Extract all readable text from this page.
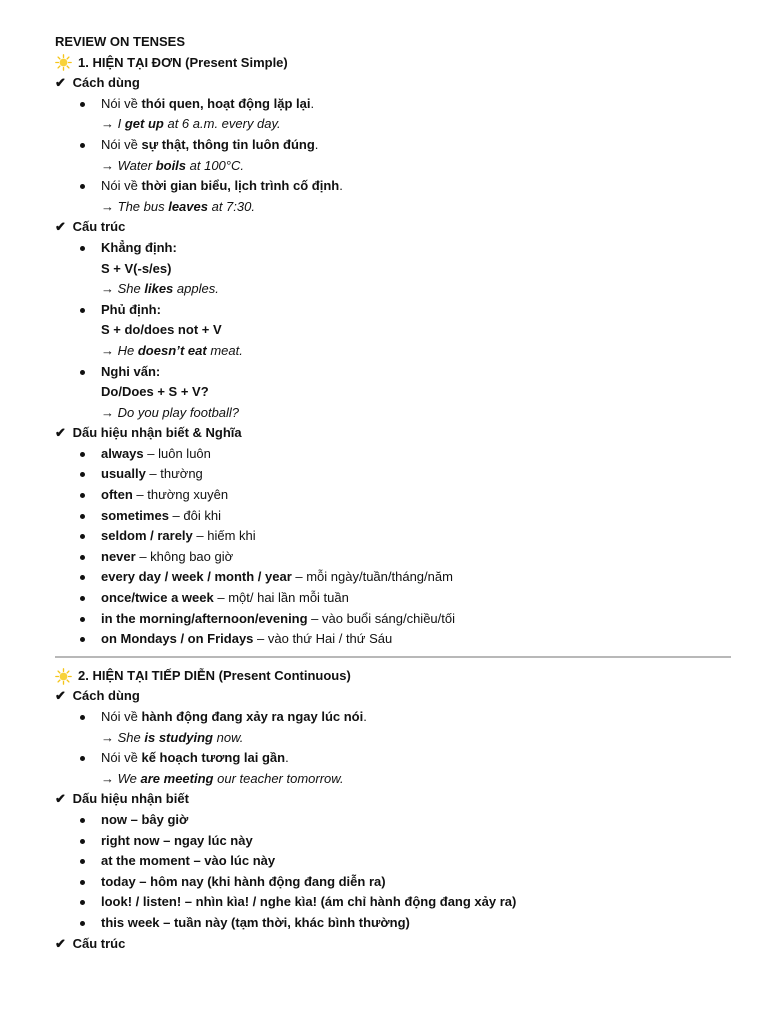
REVIEW ON TENSES
1. HIỆN TẠI ĐƠN (Present Simple)
✔ Cách dùng
Nói về thói quen, hoạt động lặp lại.
→ I get up at 6 a.m. every day.
Nói về sự thật, thông tin luôn đúng.
→ Water boils at 100°C.
Nói về thời gian biểu, lịch trình cố định.
→ The bus leaves at 7:30.
✔ Cấu trúc
Khẳng định:
S + V(-s/es)
→ She likes apples.
Phủ định:
S + do/does not + V
→ He doesn’t eat meat.
Nghi vấn:
Do/Does + S + V?
→ Do you play football?
✔ Dấu hiệu nhận biết & Nghĩa
always – luôn luôn
usually – thường
often – thường xuyên
sometimes – đôi khi
seldom / rarely – hiếm khi
never – không bao giờ
every day / week / month / year – mỗi ngày/tuần/tháng/năm
once/twice a week – một/ hai lần mỗi tuần
in the morning/afternoon/evening – vào buổi sáng/chiều/tối
on Mondays / on Fridays – vào thứ Hai / thứ Sáu
2. HIỆN TẠI TIẾP DIỄN (Present Continuous)
✔ Cách dùng
Nói về hành động đang xảy ra ngay lúc nói.
→ She is studying now.
Nói về kế hoạch tương lai gần.
→ We are meeting our teacher tomorrow.
✔ Dấu hiệu nhận biết
now – bây giờ
right now – ngay lúc này
at the moment – vào lúc này
today – hôm nay (khi hành động đang diễn ra)
look! / listen! – nhìn kìa! / nghe kìa! (ám chỉ hành động đang xảy ra)
this week – tuần này (tạm thời, khác bình thường)
✔ Cấu trúc
